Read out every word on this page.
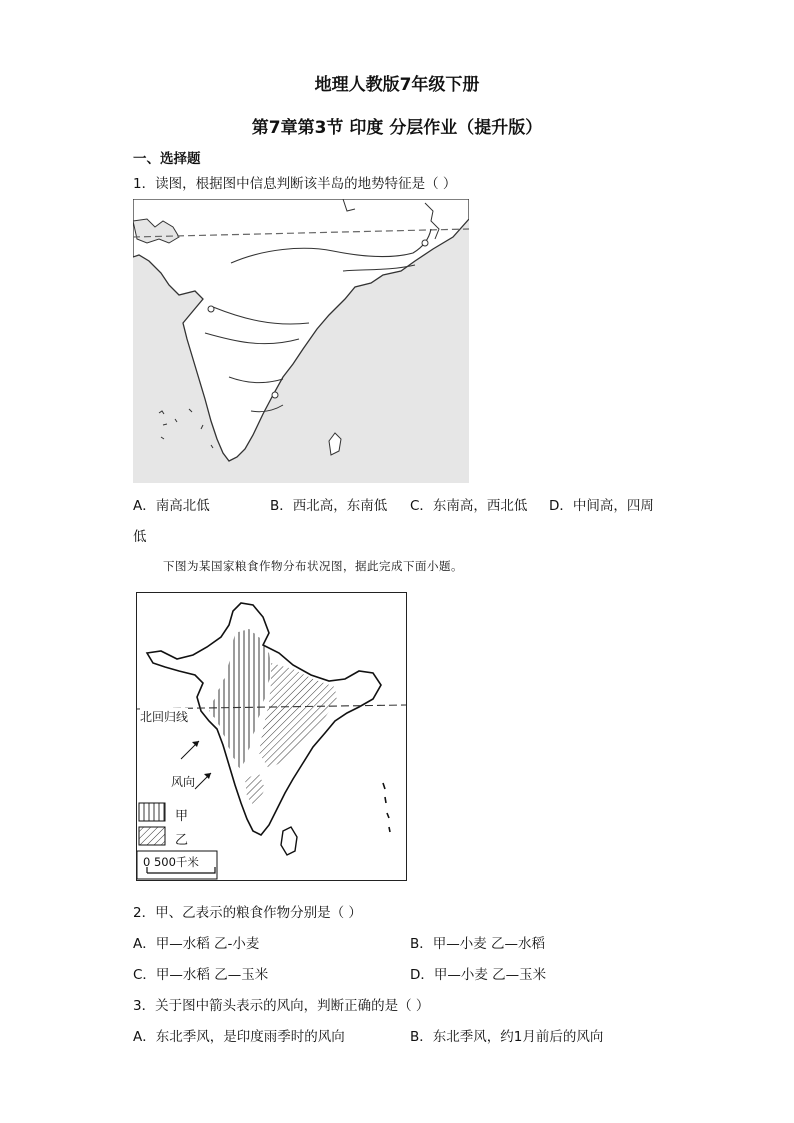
地理人教版7年级下册
第7章第3节 印度 分层作业（提升版）
一、选择题
1．读图，根据图中信息判断该半岛的地势特征是（ ）
A．南高北低	B．西北高，东南低 C．东南高，西北低 D．中间高，四周
低
下图为某国家粮食作物分布状况图，据此完成下面小题。
北回归线
风向
甲
乙
0 500千米
2．甲、乙表示的粮食作物分别是（ ）
A．甲—水稻 乙-小麦	B．甲—小麦 乙—水稻
C．甲—水稻 乙—玉米	D．甲—小麦 乙—玉米
3．关于图中箭头表示的风向，判断正确的是（ ）
A．东北季风，是印度雨季时的风向	B．东北季风，约1月前后的风向
